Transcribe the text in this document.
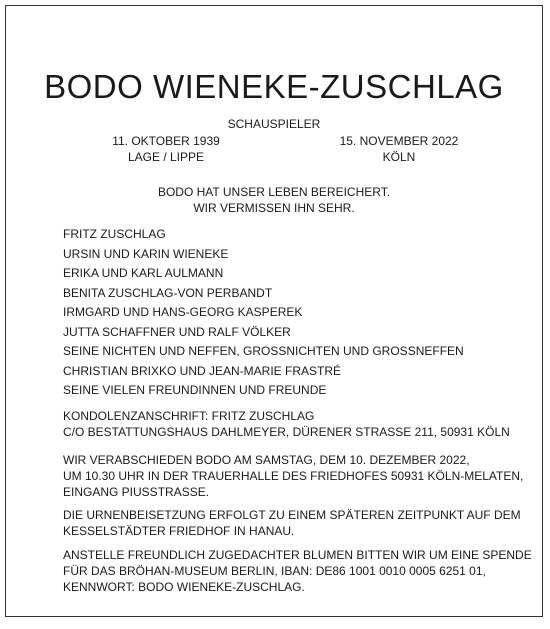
BODO WIENEKE-ZUSCHLAG
SCHAUSPIELER
11. OKTOBER 1939
LAGE / LIPPE
15. NOVEMBER 2022
KÖLN
BODO HAT UNSER LEBEN BEREICHERT.
WIR VERMISSEN IHN SEHR.
FRITZ ZUSCHLAG
URSIN UND KARIN WIENEKE
ERIKA UND KARL AULMANN
BENITA ZUSCHLAG-VON PERBANDT
IRMGARD UND HANS-GEORG KASPEREK
JUTTA SCHAFFNER UND RALF VÖLKER
SEINE NICHTEN UND NEFFEN, GROSSNICHTEN UND GROSSNEFFEN
CHRISTIAN BRIXKO UND JEAN-MARIE FRASTRÉ
SEINE VIELEN FREUNDINNEN UND FREUNDE
KONDOLENZANSCHRIFT: FRITZ ZUSCHLAG
C/O BESTATTUNGSHAUS DAHLMEYER, DÜRENER STRASSE 211, 50931 KÖLN
WIR VERABSCHIEDEN BODO AM SAMSTAG, DEM 10. DEZEMBER 2022,
UM 10.30 UHR IN DER TRAUERHALLE DES FRIEDHOFES 50931 KÖLN-MELATEN,
EINGANG PIUSSTRASSE.
DIE URNENBEISETZUNG ERFOLGT ZU EINEM SPÄTEREN ZEITPUNKT AUF DEM
KESSELSTÄDTER FRIEDHOF IN HANAU.
ANSTELLE FREUNDLICH ZUGEDACHTER BLUMEN BITTEN WIR UM EINE SPENDE
FÜR DAS BRÖHAN-MUSEUM BERLIN, IBAN: DE86 1001 0010 0005 6251 01,
KENNWORT: BODO WIENEKE-ZUSCHLAG.
